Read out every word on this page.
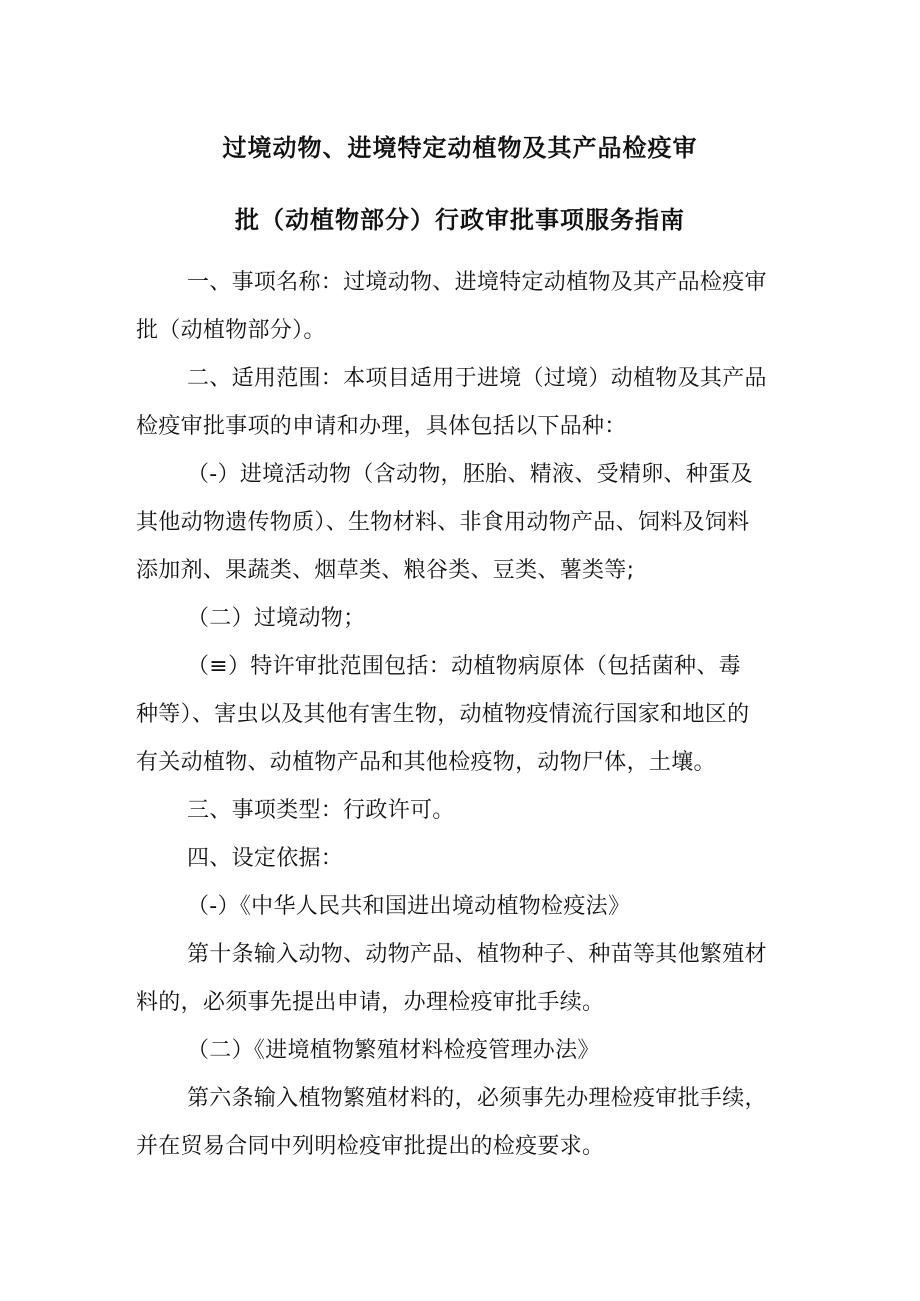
过境动物、进境特定动植物及其产品检疫审
批（动植物部分）行政审批事项服务指南
一、事项名称：过境动物、进境特定动植物及其产品检疫审
批（动植物部分）。
二、适用范围：本项目适用于进境（过境）动植物及其产品
检疫审批事项的申请和办理，具体包括以下品种：
（-）进境活动物（含动物，胚胎、精液、受精卵、种蛋及
其他动物遗传物质）、生物材料、非食用动物产品、饲料及饲料
添加剂、果蔬类、烟草类、粮谷类、豆类、薯类等;
（二）过境动物；
（≡）特许审批范围包括：动植物病原体（包括菌种、毒
种等）、害虫以及其他有害生物，动植物疫情流行国家和地区的
有关动植物、动植物产品和其他检疫物，动物尸体，土壤。
三、事项类型：行政许可。
四、设定依据：
（-）《中华人民共和国进出境动植物检疫法》
第十条输入动物、动物产品、植物种子、种苗等其他繁殖材
料的，必须事先提出申请，办理检疫审批手续。
（二）《进境植物繁殖材料检疫管理办法》
第六条输入植物繁殖材料的，必须事先办理检疫审批手续，
并在贸易合同中列明检疫审批提出的检疫要求。
